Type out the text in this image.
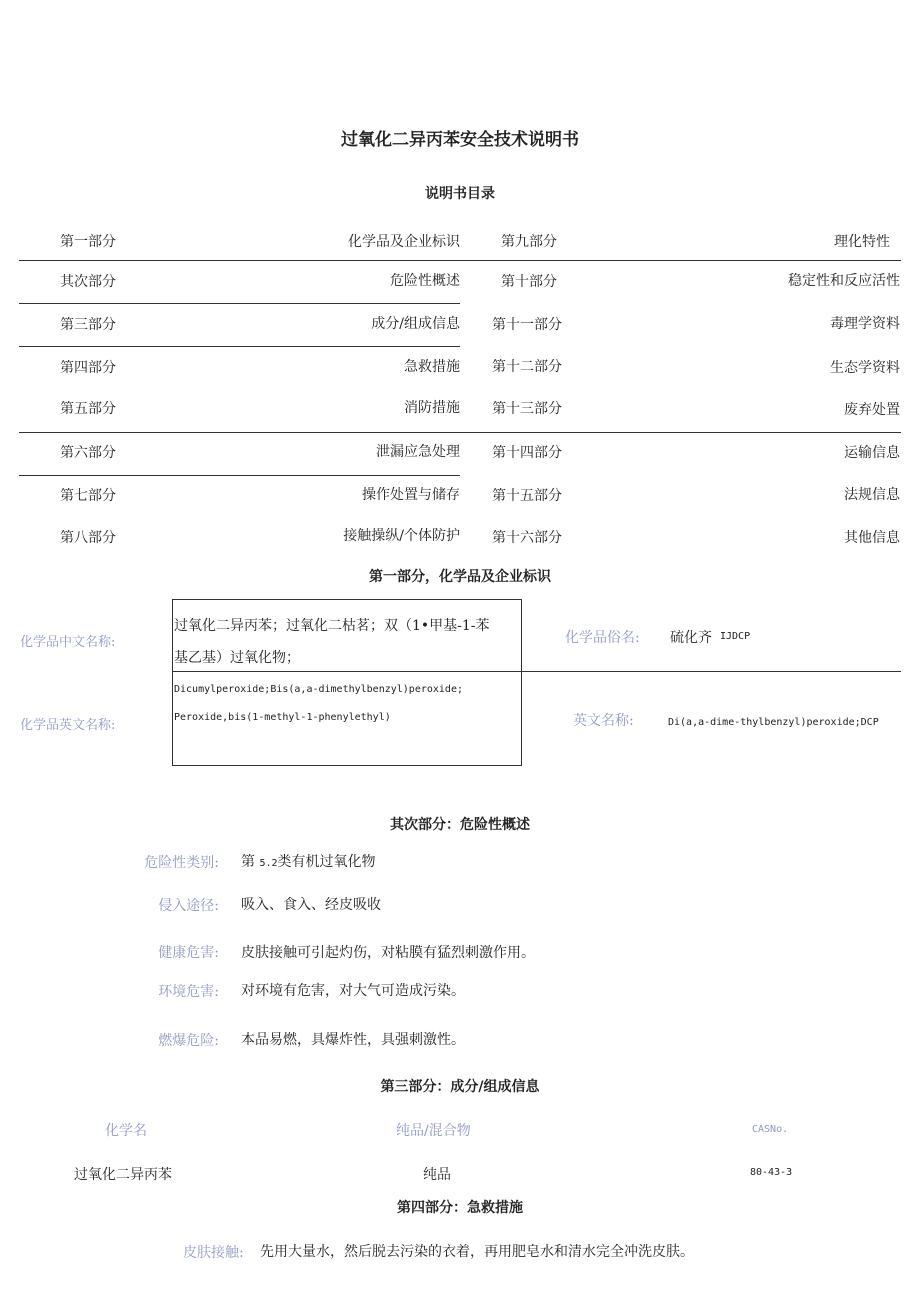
过氧化二异丙苯安全技术说明书
说明书目录
第一部分	化学品及企业标识
其次部分	危险性概述
第三部分	成分/组成信息
第四部分	急救措施
第五部分	消防措施
第六部分	泄漏应急处理
第七部分	操作处置与储存
第八部分	接触操纵/个体防护
第九部分	理化特性
第十部分	稳定性和反应活性
第十一部分	毒理学资料
第十二部分	生态学资料
第十三部分	废弃处置
第十四部分	运输信息
第十五部分	法规信息
第十六部分	其他信息
第一部分，化学品及企业标识
化学品中文名称:
过氧化二异丙苯；过氧化二枯茗；双（1•甲基-1-苯
基乙基）过氧化物；
化学品俗名: 硫化齐 IJDCP
化学品英文名称:
Dicumylperoxide;Bis(a,a-dimethylbenzyl)peroxide;
Peroxide,bis(1-methyl-1-phenylethyl)	英文名称:	Di(a,a-dime-thylbenzyl)peroxide;DCP
其次部分：危险性概述
危险性类别: 第 5.2类有机过氧化物
侵入途径: 吸入、食入、经皮吸收
健康危害: 皮肤接触可引起灼伤，对粘膜有猛烈刺激作用。
环境危害: 对环境有危害，对大气可造成污染。
燃爆危险: 本品易燃，具爆炸性，具强刺激性。
第三部分：成分/组成信息
化学名	纯品/混合物	CASNo.
过氧化二异丙苯	纯品	80-43-3
第四部分：急救措施
皮肤接触: 先用大量水，然后脱去污染的衣着，再用肥皂水和清水完全冲洗皮肤。
